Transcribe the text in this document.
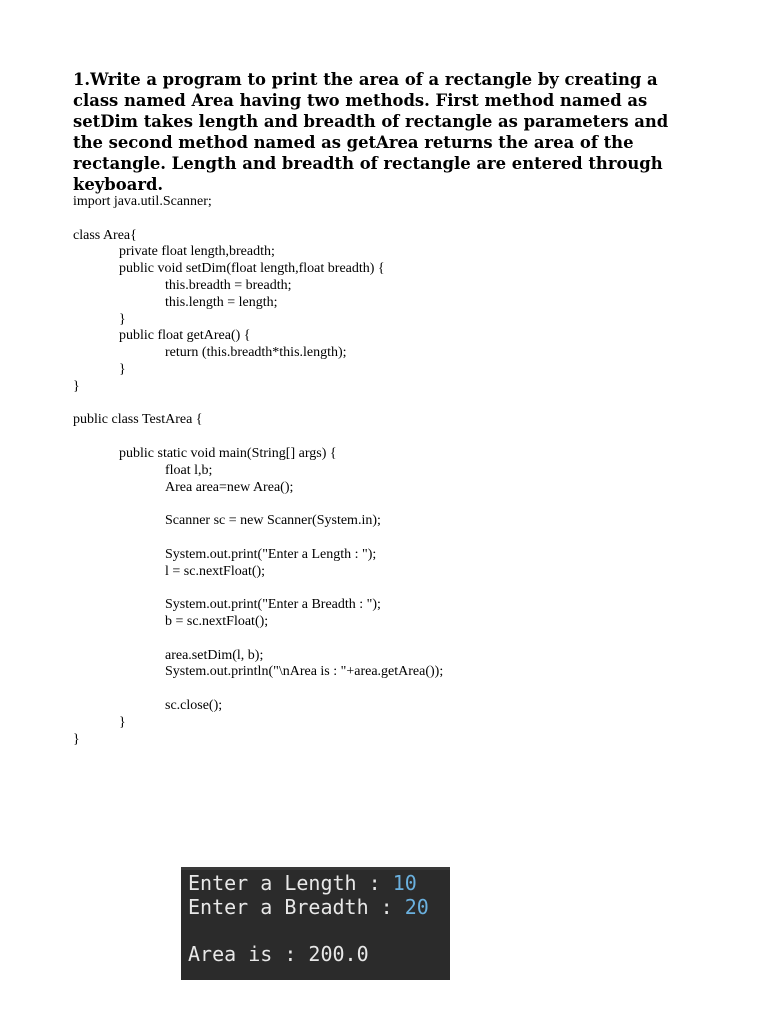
1.Write a program to print the area of a rectangle by creating a class named Area having two methods. First method named as setDim takes length and breadth of rectangle as parameters and the second method named as getArea returns the area of the rectangle. Length and breadth of rectangle are entered through keyboard.

import java.util.Scanner;
class Area{
private float length,breadth;
public void setDim(float length,float breadth) {
this.breadth = breadth;
this.length = length;
}
public float getArea() {
return (this.breadth*this.length);
}
}
public class TestArea {
public static void main(String[] args) {
float l,b;
Area area=new Area();
Scanner sc = new Scanner(System.in);
System.out.print("Enter a Length : ");
l = sc.nextFloat();
System.out.print("Enter a Breadth : ");
b = sc.nextFloat();
area.setDim(l, b);
System.out.println("\nArea is : "+area.getArea());
sc.close();
}
}
Enter a Length : 10
Enter a Breadth : 20
Area is : 200.0
